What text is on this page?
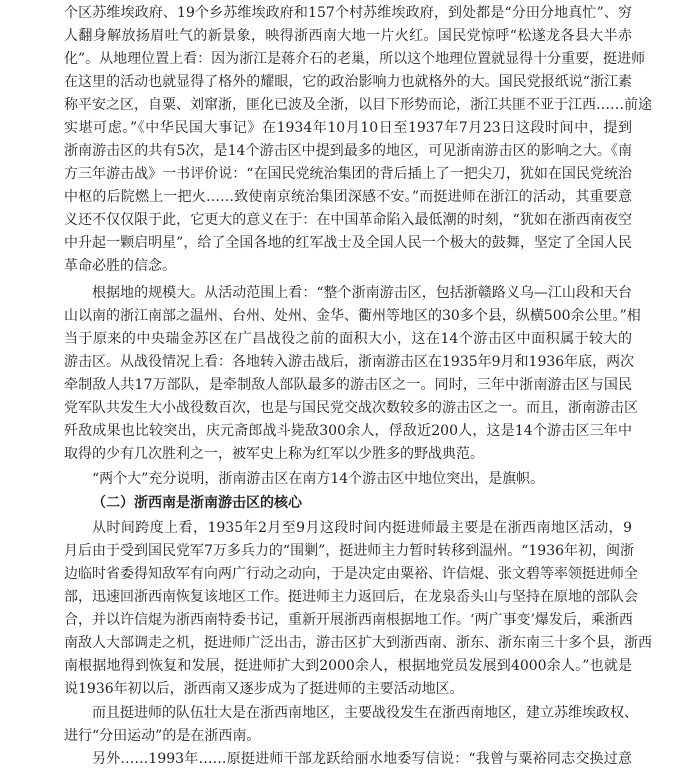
个区苏维埃政府、19个乡苏维埃政府和157个村苏维埃政府，到处都是“分田分地真忙”、穷
人翻身解放扬眉吐气的新景象，映得浙西南大地一片火红。国民党惊呼“松遂龙各县大半赤
化”。从地理位置上看：因为浙江是蒋介石的老巢，所以这个地理位置就显得十分重要，挺进师
在这里的活动也就显得了格外的耀眼，它的政治影响力也就格外的大。国民党报纸说“浙江素
称平安之区，自粟、刘窜浙，匪化已波及全浙，以目下形势而论，浙江共匪不亚于江西……前途
实堪可虑。”《中华民国大事记》在1934年10月10日至1937年7月23日这段时间中，提到
浙南游击区的共有5次，是14个游击区中提到最多的地区，可见浙南游击区的影响之大。《南
方三年游击战》一书评价说：“在国民党统治集团的背后插上了一把尖刀，犹如在国民党统治
中枢的后院燃上一把火……致使南京统治集团深感不安。”而挺进师在浙江的活动，其重要意
义还不仅仅限于此，它更大的意义在于：在中国革命陷入最低潮的时刻，“犹如在浙西南夜空
中升起一颗启明星”，给了全国各地的红军战士及全国人民一个极大的鼓舞，坚定了全国人民
革命必胜的信念。
根据地的规模大。从活动范围上看：“整个浙南游击区，包括浙赣路义乌—江山段和天台
山以南的浙江南部之温州、台州、处州、金华、衢州等地区的30多个县，纵横500余公里。”相
当于原来的中央瑞金苏区在广昌战役之前的面积大小，这在14个游击区中面积属于较大的
游击区。从战役情况上看：各地转入游击战后，浙南游击区在1935年9月和1936年底，两次
牵制敌人共17万部队，是牵制敌人部队最多的游击区之一。同时，三年中浙南游击区与国民
党军队共发生大小战役数百次，也是与国民党交战次数较多的游击区之一。而且，浙南游击区
歼敌成果也比较突出，庆元斋郎战斗毙敌300余人，俘敌近200人，这是14个游击区三年中
取得的少有几次胜利之一，被军史上称为红军以少胜多的野战典范。
“两个大”充分说明，浙南游击区在南方14个游击区中地位突出，是旗帜。
（二）浙西南是浙南游击区的核心
从时间跨度上看，1935年2月至9月这段时间内挺进师最主要是在浙西南地区活动，9
月后由于受到国民党军7万多兵力的“围剿”，挺进师主力暂时转移到温州。“1936年初，闽浙
边临时省委得知敌军有向两广行动之动向，于是决定由粟裕、许信焜、张文碧等率领挺进师全
部，迅速回浙西南恢复该地区工作。挺进师主力返回后，在龙泉岙头山与坚持在原地的部队会
合，并以许信焜为浙西南特委书记，重新开展浙西南根据地工作。‘两广事变’爆发后，乘浙西
南敌人大部调走之机，挺进师广泛出击，游击区扩大到浙西南、浙东、浙东南三十多个县，浙西
南根据地得到恢复和发展，挺进师扩大到2000余人，根据地党员发展到4000余人。”也就是
说1936年初以后，浙西南又逐步成为了挺进师的主要活动地区。
而且挺进师的队伍壮大是在浙西南地区，主要战役发生在浙西南地区，建立苏维埃政权、
进行“分田运动”的是在浙西南。
另外……1993年……原挺进师干部龙跃给丽水地委写信说：“我曾与粟裕同志交换过意
